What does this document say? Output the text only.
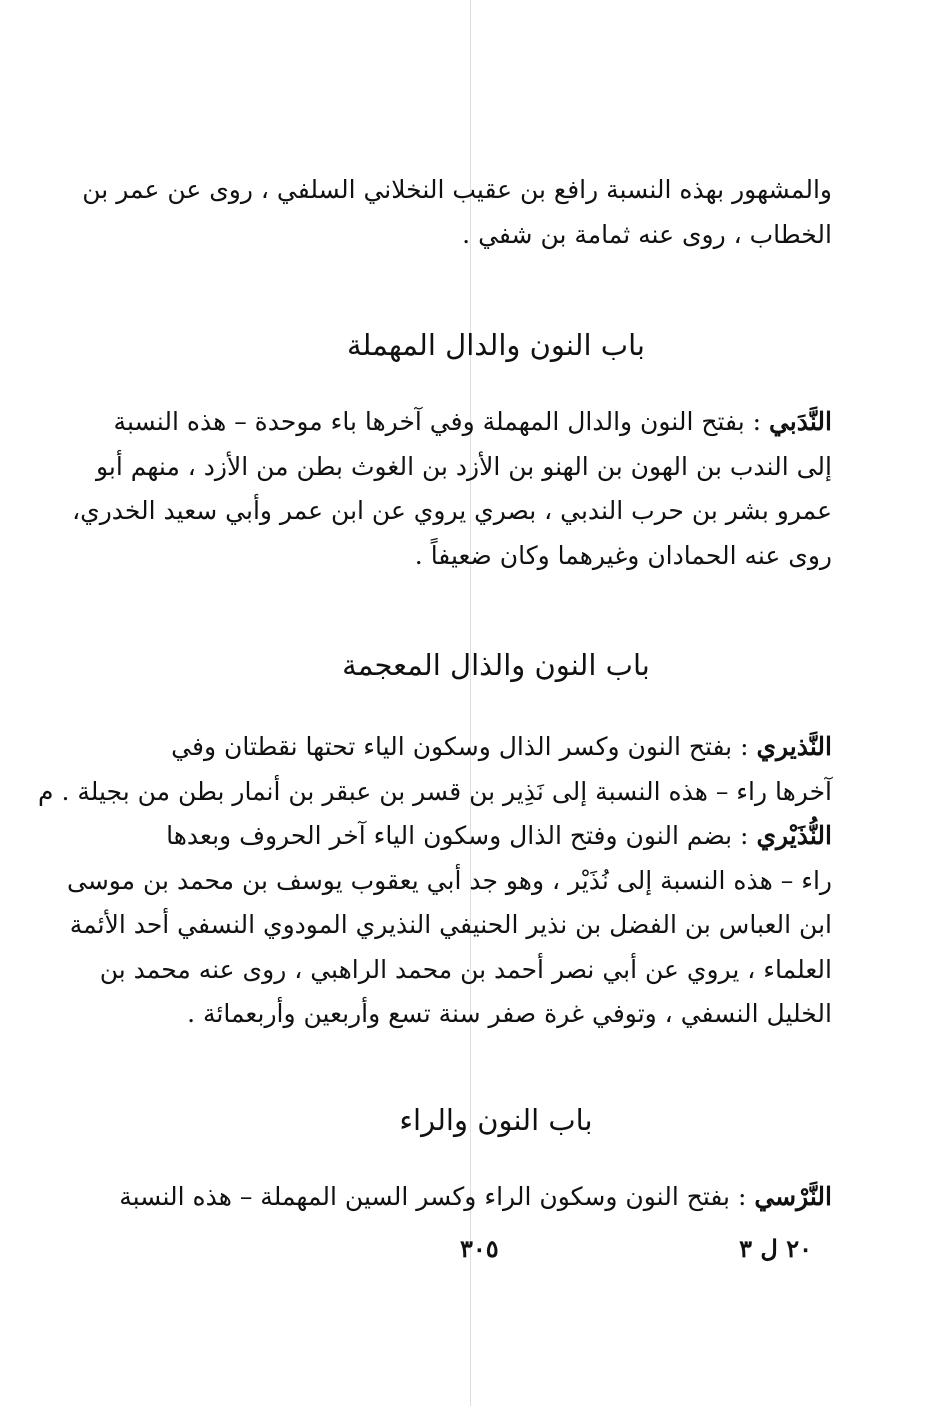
والمشهور بهذه النسبة رافع بن عقيب النخلاني السلفي ، روى عن عمر بن
الخطاب ، روى عنه ثمامة بن شفي .
باب النون والدال المهملة
النَّدَبي : بفتح النون والدال المهملة وفي آخرها باء موحدة – هذه النسبة
إلى الندب بن الهون بن الهنو بن الأزد بن الغوث بطن من الأزد ، منهم أبو
عمرو بشر بن حرب الندبي ، بصري يروي عن ابن عمر وأبي سعيد الخدري،
روى عنه الحمادان وغيرهما وكان ضعيفاً .
باب النون والذال المعجمة
النَّذيري : بفتح النون وكسر الذال وسكون الياء تحتها نقطتان وفي
آخرها راء – هذه النسبة إلى نَذِير بن قسر بن عبقر بن أنمار بطن من بجيلة . م
النُّذَيْري : بضم النون وفتح الذال وسكون الياء آخر الحروف وبعدها
راء – هذه النسبة إلى نُذَيْر ، وهو جد أبي يعقوب يوسف بن محمد بن موسى
ابن العباس بن الفضل بن نذير الحنيفي النذيري المودوي النسفي أحد الأئمة
العلماء ، يروي عن أبي نصر أحمد بن محمد الراهبي ، روى عنه محمد بن
الخليل النسفي ، وتوفي غرة صفر سنة تسع وأربعين وأربعمائة .
باب النون والراء
النَّرْسي : بفتح النون وسكون الراء وكسر السين المهملة – هذه النسبة
٢٠ ل ٣
٣٠٥
